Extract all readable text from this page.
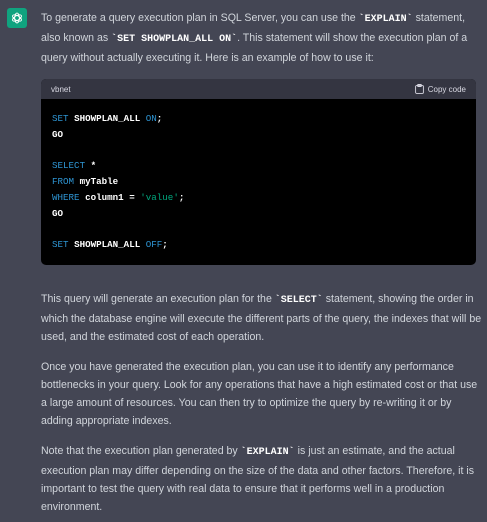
To generate a query execution plan in SQL Server, you can use the `EXPLAIN` statement, also known as `SET SHOWPLAN_ALL ON`. This statement will show the execution plan of a query without actually executing it. Here is an example of how to use it:

vbnet	Copy code
SET SHOWPLAN_ALL ON;
GO
SELECT *
FROM myTable
WHERE column1 = 'value';
GO
SET SHOWPLAN_ALL OFF;

This query will generate an execution plan for the `SELECT` statement, showing the order in which the database engine will execute the different parts of the query, the indexes that will be used, and the estimated cost of each operation.

Once you have generated the execution plan, you can use it to identify any performance bottlenecks in your query. Look for any operations that have a high estimated cost or that use a large amount of resources. You can then try to optimize the query by re-writing it or by adding appropriate indexes.

Note that the execution plan generated by `EXPLAIN` is just an estimate, and the actual execution plan may differ depending on the size of the data and other factors. Therefore, it is important to test the query with real data to ensure that it performs well in a production environment.
